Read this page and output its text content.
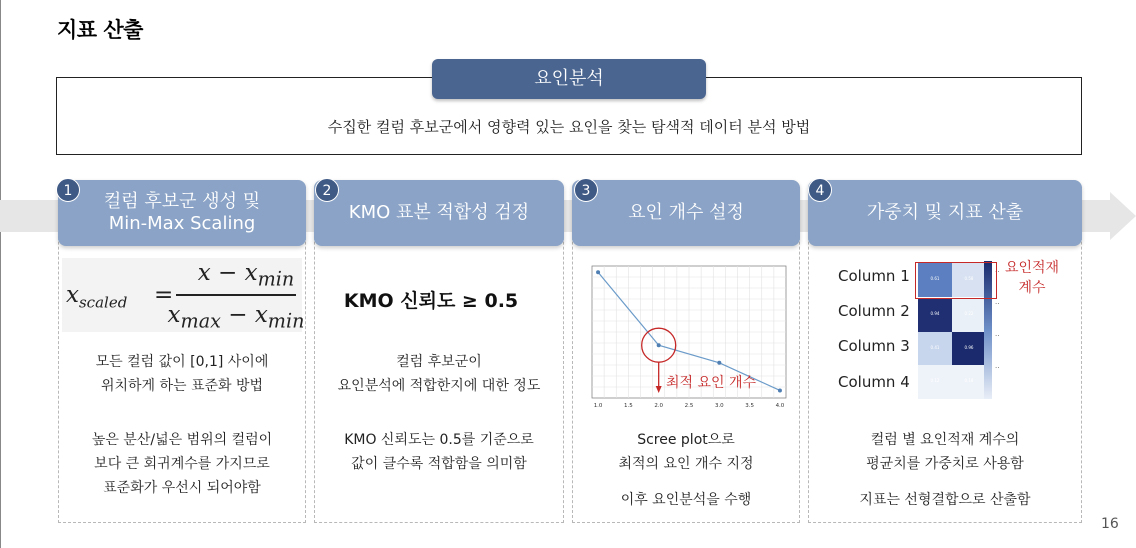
지표 산출
수집한 컬럼 후보군에서 영향력 있는 요인을 찾는 탐색적 데이터 분석 방법
요인분석
컬럼 후보군 생성 및
Min-Max Scaling
KMO 표본 적합성 검정	요인 개수 설정	가중치 및 지표 산출
1	2	3	4
$x_{scaled}$ =
$x - x_{min}$
$x_{max} - x_{min}$
모든 컬럼 값이 [0,1] 사이에
위치하게 하는 표준화 방법
높은 분산/넓은 범위의 컬럼이
보다 큰 회귀계수를 가지므로
표준화가 우선시 되어야함
KMO 신뢰도 ≥ 0.5
컬럼 후보군이
요인분석에 적합한지에 대한 정도
KMO 신뢰도는 0.5를 기준으로
값이 클수록 적합함을 의미함
1.0	1.5	2.0	2.5	3.0	3.5	4.0
최적 요인 개수
Scree plot으로
최적의 요인 개수 지정
이후 요인분석을 수행
Column 1
Column 2
Column 3
Column 4
0.61	0.58
0.94	0.22
0.41	0.96
0.12	0.18
..
..
..
..
요인적재
계수
컬럼 별 요인적재 계수의
평균치를 가중치로 사용함
지표는 선형결합으로 산출함
16
